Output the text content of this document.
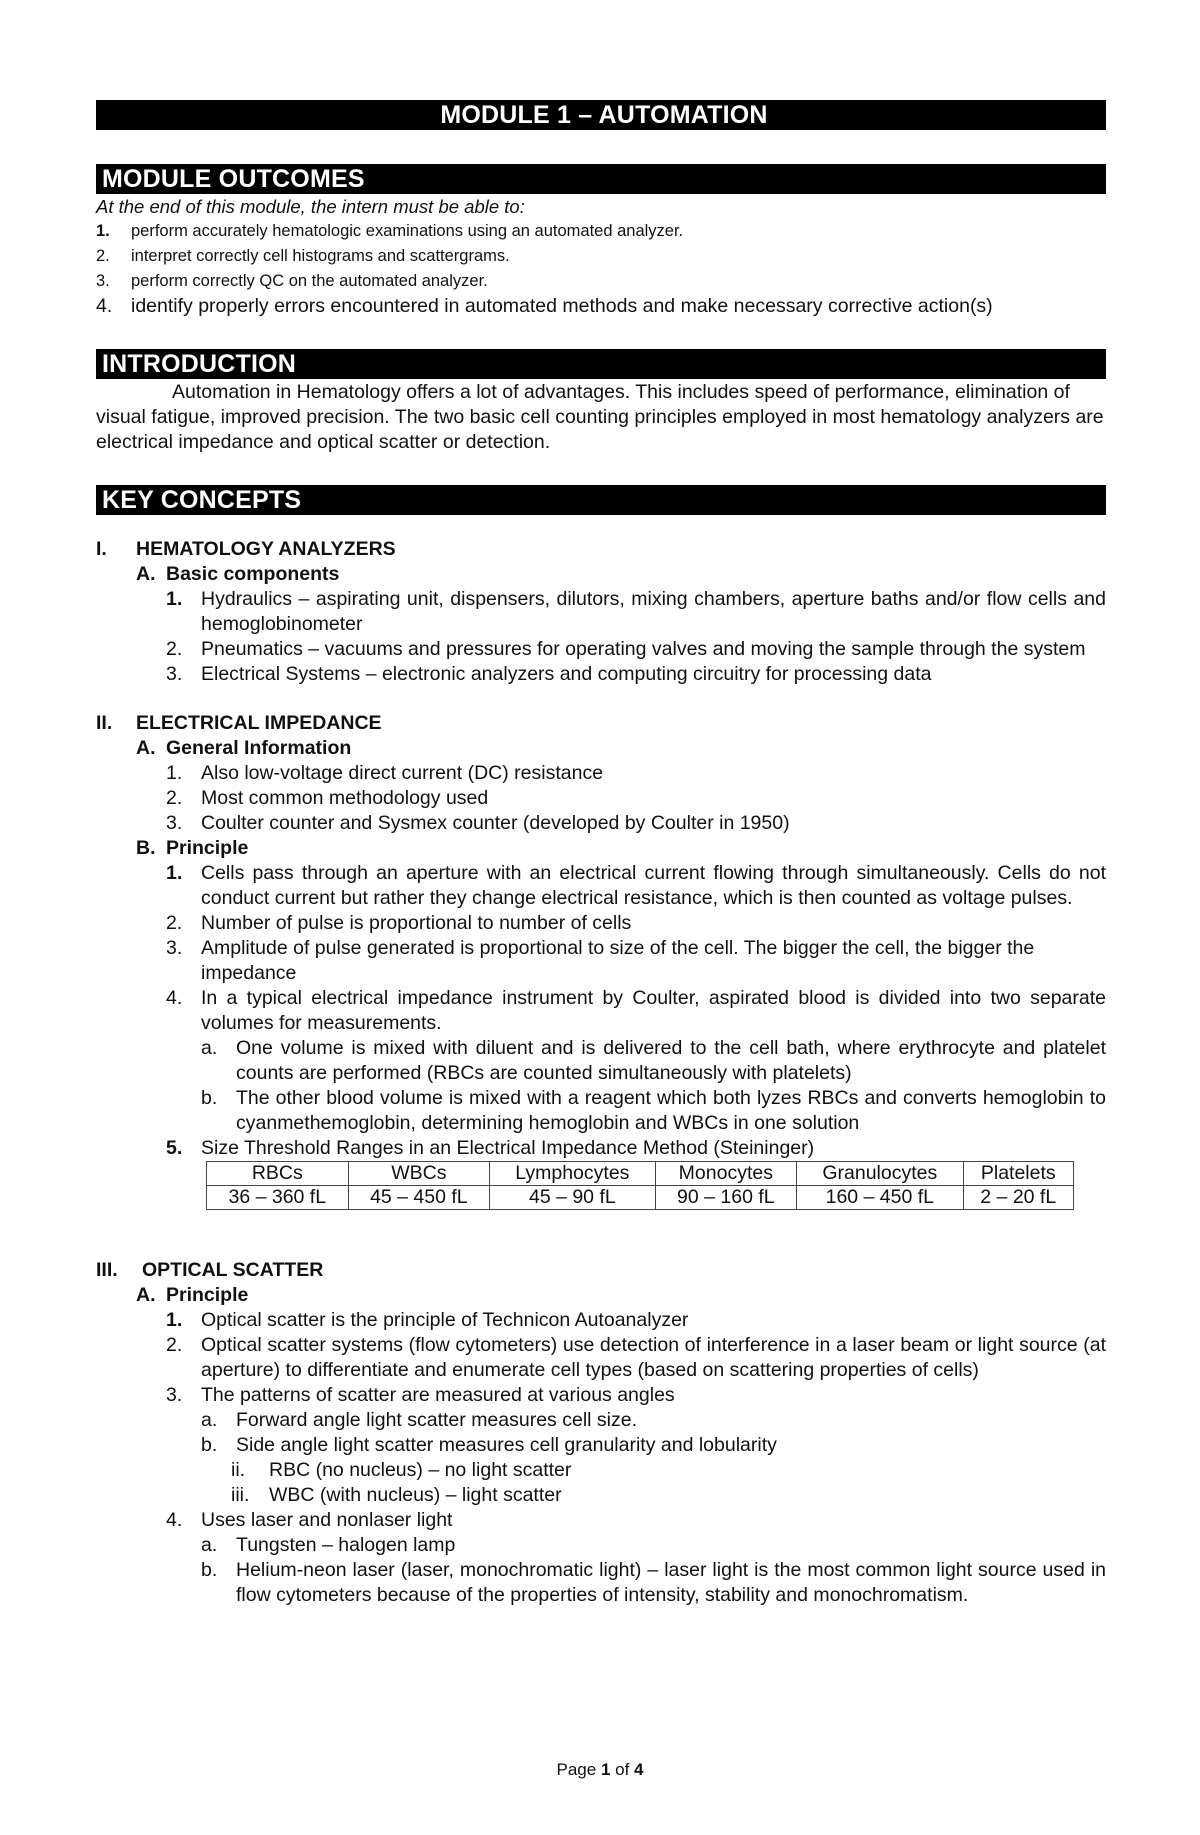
MODULE 1 – AUTOMATION
MODULE OUTCOMES
At the end of this module, the intern must be able to:
1.	perform accurately hematologic examinations using an automated analyzer.
2.	interpret correctly cell histograms and scattergrams.
3.	perform correctly QC on the automated analyzer.
4. identify properly errors encountered in automated methods and make necessary corrective action(s)
INTRODUCTION
Automation in Hematology offers a lot of advantages. This includes speed of performance, elimination of visual fatigue, improved precision. The two basic cell counting principles employed in most hematology analyzers are electrical impedance and optical scatter or detection.
KEY CONCEPTS
I.	HEMATOLOGY ANALYZERS
A. Basic components
1. Hydraulics – aspirating unit, dispensers, dilutors, mixing chambers, aperture baths and/or flow cells and hemoglobinometer
2. Pneumatics – vacuums and pressures for operating valves and moving the sample through the system
3. Electrical Systems – electronic analyzers and computing circuitry for processing data
II.	ELECTRICAL IMPEDANCE
A. General Information
1. Also low-voltage direct current (DC) resistance
2. Most common methodology used
3. Coulter counter and Sysmex counter (developed by Coulter in 1950)
B. Principle
1. Cells pass through an aperture with an electrical current flowing through simultaneously. Cells do not conduct current but rather they change electrical resistance, which is then counted as voltage pulses.
2. Number of pulse is proportional to number of cells
3. Amplitude of pulse generated is proportional to size of the cell. The bigger the cell, the bigger the impedance
4. In a typical electrical impedance instrument by Coulter, aspirated blood is divided into two separate volumes for measurements.
a. One volume is mixed with diluent and is delivered to the cell bath, where erythrocyte and platelet counts are performed (RBCs are counted simultaneously with platelets)
b. The other blood volume is mixed with a reagent which both lyzes RBCs and converts hemoglobin to cyanmethemoglobin, determining hemoglobin and WBCs in one solution
5. Size Threshold Ranges in an Electrical Impedance Method (Steininger)
RBCs	WBCs	Lymphocytes	Monocytes	Granulocytes	Platelets
36 – 360 fL	45 – 450 fL	45 – 90 fL	90 – 160 fL	160 – 450 fL	2 – 20 fL
III.	OPTICAL SCATTER
A. Principle
1. Optical scatter is the principle of Technicon Autoanalyzer
2. Optical scatter systems (flow cytometers) use detection of interference in a laser beam or light source (at aperture) to differentiate and enumerate cell types (based on scattering properties of cells)
3. The patterns of scatter are measured at various angles
a. Forward angle light scatter measures cell size.
b. Side angle light scatter measures cell granularity and lobularity
ii.	RBC (no nucleus) – no light scatter
iii.	WBC (with nucleus) – light scatter
4. Uses laser and nonlaser light
a. Tungsten – halogen lamp
b. Helium-neon laser (laser, monochromatic light) – laser light is the most common light source used in flow cytometers because of the properties of intensity, stability and monochromatism.
Page 1 of 4
